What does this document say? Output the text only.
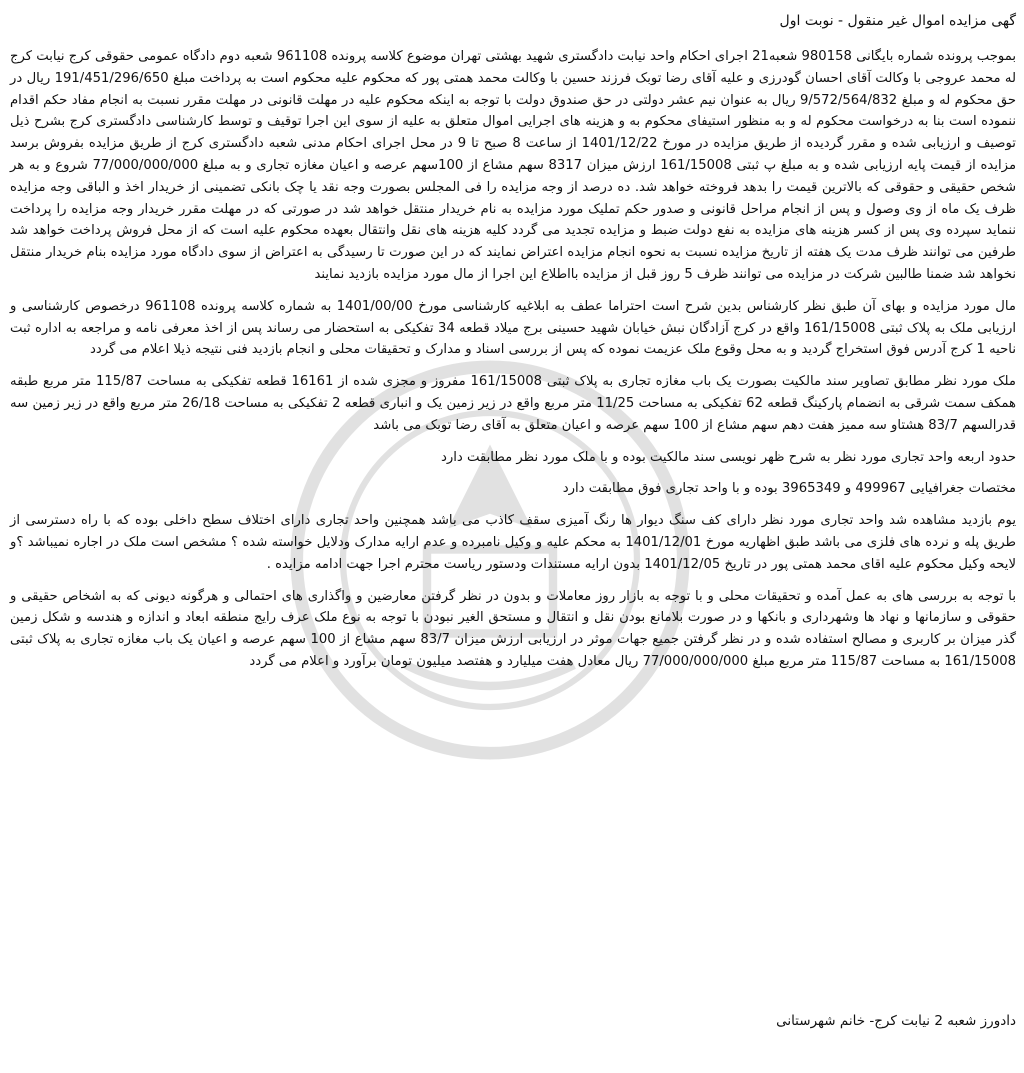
گهی مزایده اموال غیر منقول - نوبت اول

بموجب پرونده شماره بایگانی 980158 شعبه21 اجرای احکام واحد نیابت دادگستری شهید بهشتی تهران موضوع کلاسه پرونده 961108 شعبه دوم دادگاه عمومی حقوقی کرج نیابت کرج له محمد عروجی با وکالت آقای احسان گودرزی و علیه آقای رضا توبک فرزند حسین با وکالت محمد همتی پور که محکوم علیه محکوم است به پرداخت مبلغ 191/451/296/650 ریال در حق محکوم له و مبلغ 9/572/564/832 ریال به عنوان نیم عشر دولتی در حق صندوق دولت با توجه به اینکه محکوم علیه در مهلت قانونی در مهلت مقرر نسبت به انجام مفاد حکم اقدام ننموده است بنا به درخواست محکوم له و به منظور استیفای محکوم به و هزینه های اجرایی اموال متعلق به علیه از سوی این اجرا توقیف و توسط کارشناسی دادگستری کرج بشرح ذیل توصیف و ارزیابی شده و مقرر گردیده از طریق مزایده در مورخ 1401/12/22 از ساعت 8 صبح تا 9 در محل اجرای احکام مدنی شعبه دادگستری کرج از طریق مزایده بفروش برسد مزایده از قیمت پایه ارزیابی شده و به مبلغ پ ثبتی 161/15008 ارزش میزان 8317 سهم مشاع از 100سهم عرصه و اعیان مغازه تجاری و به مبلغ 77/000/000/000 شروع و به هر شخص حقیقی و حقوقی که بالاترین قیمت را بدهد فروخته خواهد شد. ده درصد از وجه مزایده را فی المجلس بصورت وجه نقد یا چک بانکی تضمینی از خریدار اخذ و الباقی وجه مزایده ظرف یک ماه از وی وصول و پس از انجام مراحل قانونی و صدور حکم تملیک مورد مزایده به نام خریدار منتقل خواهد شد در صورتی که در مهلت مقرر خریدار وجه مزایده را پرداخت ننماید سپرده وی پس از کسر هزینه های مزایده به نفع دولت ضبط و مزایده تجدید می گردد کلیه هزینه های نقل وانتقال بعهده محکوم علیه است که از محل فروش پرداخت خواهد شد طرفین می توانند ظرف مدت یک هفته از تاریخ مزایده نسبت به نحوه انجام مزایده اعتراض نمایند که در این صورت تا رسیدگی به اعتراض از سوی دادگاه مورد مزایده بنام خریدار منتقل نخواهد شد ضمنا طالبین شرکت در مزایده می توانند ظرف 5 روز قبل از مزایده بااطلاع این اجرا از مال مورد مزایده بازدید نمایند

مال مورد مزایده و بهای آن طبق نظر کارشناس بدین شرح است احتراما عطف به ابلاغیه کارشناسی مورخ 1401/00/00 به شماره کلاسه پرونده 961108 درخصوص کارشناسی و ارزیابی ملک به پلاک ثبتی 161/15008 واقع در کرج آزادگان نبش خیابان شهید حسینی برج میلاد قطعه 34 تفکیکی به استحضار می رساند پس از اخذ معرفی نامه و مراجعه به اداره ثبت ناحیه 1 کرج آدرس فوق استخراج گردید و به محل وقوع ملک عزیمت نموده که پس از بررسی اسناد و مدارک و تحقیقات محلی و انجام بازدید فنی نتیجه ذیلا اعلام می گردد

ملک مورد نظر مطابق تصاویر سند مالکیت بصورت یک باب مغازه تجاری به پلاک ثبتی 161/15008 مفروز و مجزی شده از 16161 قطعه تفکیکی به مساحت 115/87 متر مربع طبقه همکف سمت شرقی به انضمام پارکینگ قطعه 62 تفکیکی به مساحت 11/25 متر مربع واقع در زیر زمین یک و انباری قطعه 2 تفکیکی به مساحت 26/18 متر مربع واقع در زیر زمین سه قدرالسهم 83/7 هشتاو سه ممیز هفت دهم سهم مشاع از 100 سهم عرصه و اعیان متعلق به آقای رضا توبک می باشد

حدود اربعه واحد تجاری مورد نظر به شرح ظهر نویسی سند مالکیت بوده و با ملک مورد نظر مطابقت دارد

مختصات جغرافیایی 499967 و 3965349 بوده و با واحد تجاری فوق مطابقت دارد

یوم بازدید مشاهده شد واحد تجاری مورد نظر دارای کف سنگ دیوار ها رنگ آمیزی سقف کاذب می باشد همچنین واحد تجاری دارای اختلاف سطح داخلی بوده که با راه دسترسی از طریق پله و نرده های فلزی می باشد طبق اظهاریه مورخ 1401/12/01 به محکم علیه و وکیل نامبرده و عدم ارایه مدارک ودلایل خواسته شده ؟ مشخص است ملک در اجاره نمیباشد ؟و لایحه وکیل محکوم علیه اقای محمد همتی پور در تاریخ 1401/12/05 بدون ارایه مستندات ودستور ریاست محترم اجرا جهت ادامه مزایده .

با توجه به بررسی های به عمل آمده و تحقیقات محلی و با توجه به بازار روز معاملات و بدون در نظر گرفتن معارضین و واگذاری های احتمالی و هرگونه دیونی که به اشخاص حقیقی و حقوقی و سازمانها و نهاد ها وشهرداری و بانکها و در صورت بلامانع بودن نقل و انتقال و مستحق الغیر نبودن با توجه به نوع ملک عرف رایج منطقه ابعاد و اندازه و هندسه و شکل زمین گذر میزان بر کاربری و مصالح استفاده شده و در نظر گرفتن جمیع جهات موثر در ارزیابی ارزش میزان 83/7 سهم مشاع از 100 سهم عرصه و اعیان یک باب مغازه تجاری به پلاک ثبتی 161/15008 به مساحت 115/87 متر مربع مبلغ 77/000/000/000 ریال معادل هفت میلیارد و هفتصد میلیون تومان برآورد و اعلام می گردد

دادورز شعبه 2 نیابت کرج- خانم شهرستانی
